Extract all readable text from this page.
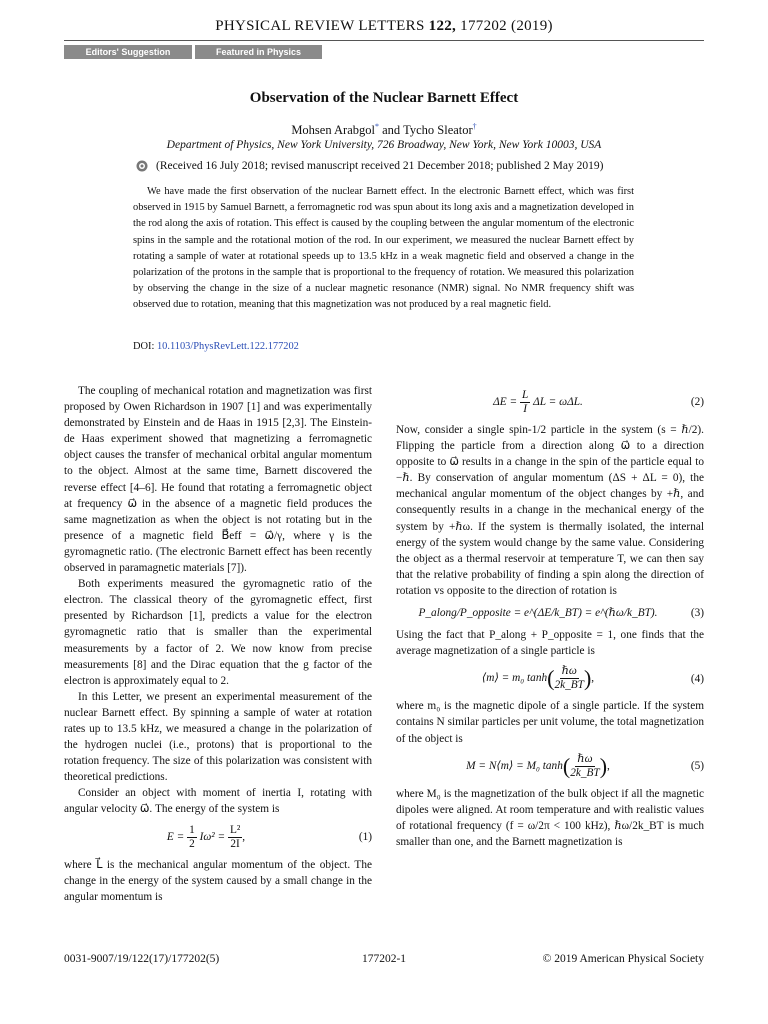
PHYSICAL REVIEW LETTERS 122, 177202 (2019)
Editors' Suggestion	Featured in Physics
Observation of the Nuclear Barnett Effect
Mohsen Arabgol* and Tycho Sleator†
Department of Physics, New York University, 726 Broadway, New York, New York 10003, USA
(Received 16 July 2018; revised manuscript received 21 December 2018; published 2 May 2019)

We have made the first observation of the nuclear Barnett effect. In the electronic Barnett effect, which was first observed in 1915 by Samuel Barnett, a ferromagnetic rod was spun about its long axis and a magnetization developed in the rod along the axis of rotation. This effect is caused by the coupling between the angular momentum of the electronic spins in the sample and the rotational motion of the rod. In our experiment, we measured the nuclear Barnett effect by rotating a sample of water at rotational speeds up to 13.5 kHz in a weak magnetic field and observed a change in the polarization of the protons in the sample that is proportional to the frequency of rotation. We measured this polarization by observing the change in the size of a nuclear magnetic resonance (NMR) signal. No NMR frequency shift was observed due to rotation, meaning that this magnetization was not produced by a real magnetic field.

DOI: 10.1103/PhysRevLett.122.177202

The coupling of mechanical rotation and magnetization was first proposed by Owen Richardson in 1907 [1] and was experimentally demonstrated by Einstein and de Haas in 1915 [2,3]. The Einstein-de Haas experiment showed that magnetizing a ferromagnetic object causes the transfer of mechanical orbital angular momentum to the object. Almost at the same time, Barnett discovered the reverse effect [4–6]. He found that rotating a ferromagnetic object at frequency ω⃗ in the absence of a magnetic field produces the same magnetization as when the object is not rotating but in the presence of a magnetic field B⃗eff = ω⃗/γ, where γ is the gyromagnetic ratio. (The electronic Barnett effect has been recently observed in paramagnetic materials [7]).

Both experiments measured the gyromagnetic ratio of the electron. The classical theory of the gyromagnetic effect, first presented by Richardson [1], predicts a value for the electron gyromagnetic ratio that is smaller than the experimental measurements by a factor of 2. We now know from precise measurements [8] and the Dirac equation that the g factor of the electron is approximately equal to 2.

In this Letter, we present an experimental measurement of the nuclear Barnett effect. By spinning a sample of water at rotation rates up to 13.5 kHz, we measured a change in the polarization of the hydrogen nuclei (i.e., protons) that is proportional to the rotation frequency. The size of this polarization was consistent with theoretical predictions.

Consider an object with moment of inertia I, rotating with angular velocity ω⃗. The energy of the system is

$E = \frac{1}{2} I\omega^2 = \frac{\text{L²}}{2I}$ ,	(1)

where L⃗ is the mechanical angular momentum of the object. The change in the energy of the system caused by a small change in the angular momentum is

$\Delta E = \frac{L}{I}$ ΔL = ωΔL.	(2)

Now, consider a single spin-1/2 particle in the system (s = ℏ/2). Flipping the particle from a direction along ω⃗ to a direction opposite to ω⃗ results in a change in the spin of the particle equal to −ℏ. By conservation of angular momentum (ΔS + ΔL = 0), the mechanical angular momentum of the object changes by +ℏ, and consequently results in a change in the mechanical energy of the system by +ℏω. If the system is thermally isolated, the internal energy of the system would change by the same value. Considering the object as a thermal reservoir at temperature T, we can then say that the relative probability of finding a spin along the direction of rotation vs opposite to the direction of rotation is

P_along/P_opposite = e^(ΔE/k_BT) = e^(ℏω/k_BT).	(3)

Using the fact that P_along + P_opposite = 1, one finds that the average magnetization of a single particle is

⟨m⟩ = m₀ $\tanh( \frac{\text{ℏω}}{2k\_BT}$ ),	(4)

where m₀ is the magnetic dipole of a single particle. If the system contains N similar particles per unit volume, the total magnetization of the object is

M = N⟨m⟩ = M₀ $\tanh( \frac{\text{ℏω}}{2k\_BT}$ ),	(5)

where M₀ is the magnetization of the bulk object if all the magnetic dipoles were aligned. At room temperature and with realistic values of rotational frequency (f = ω/2π < 100 kHz), ℏω/2k_BT is much smaller than one, and the Barnett magnetization is

0031-9007/19/122(17)/177202(5)	177202-1	© 2019 American Physical Society
